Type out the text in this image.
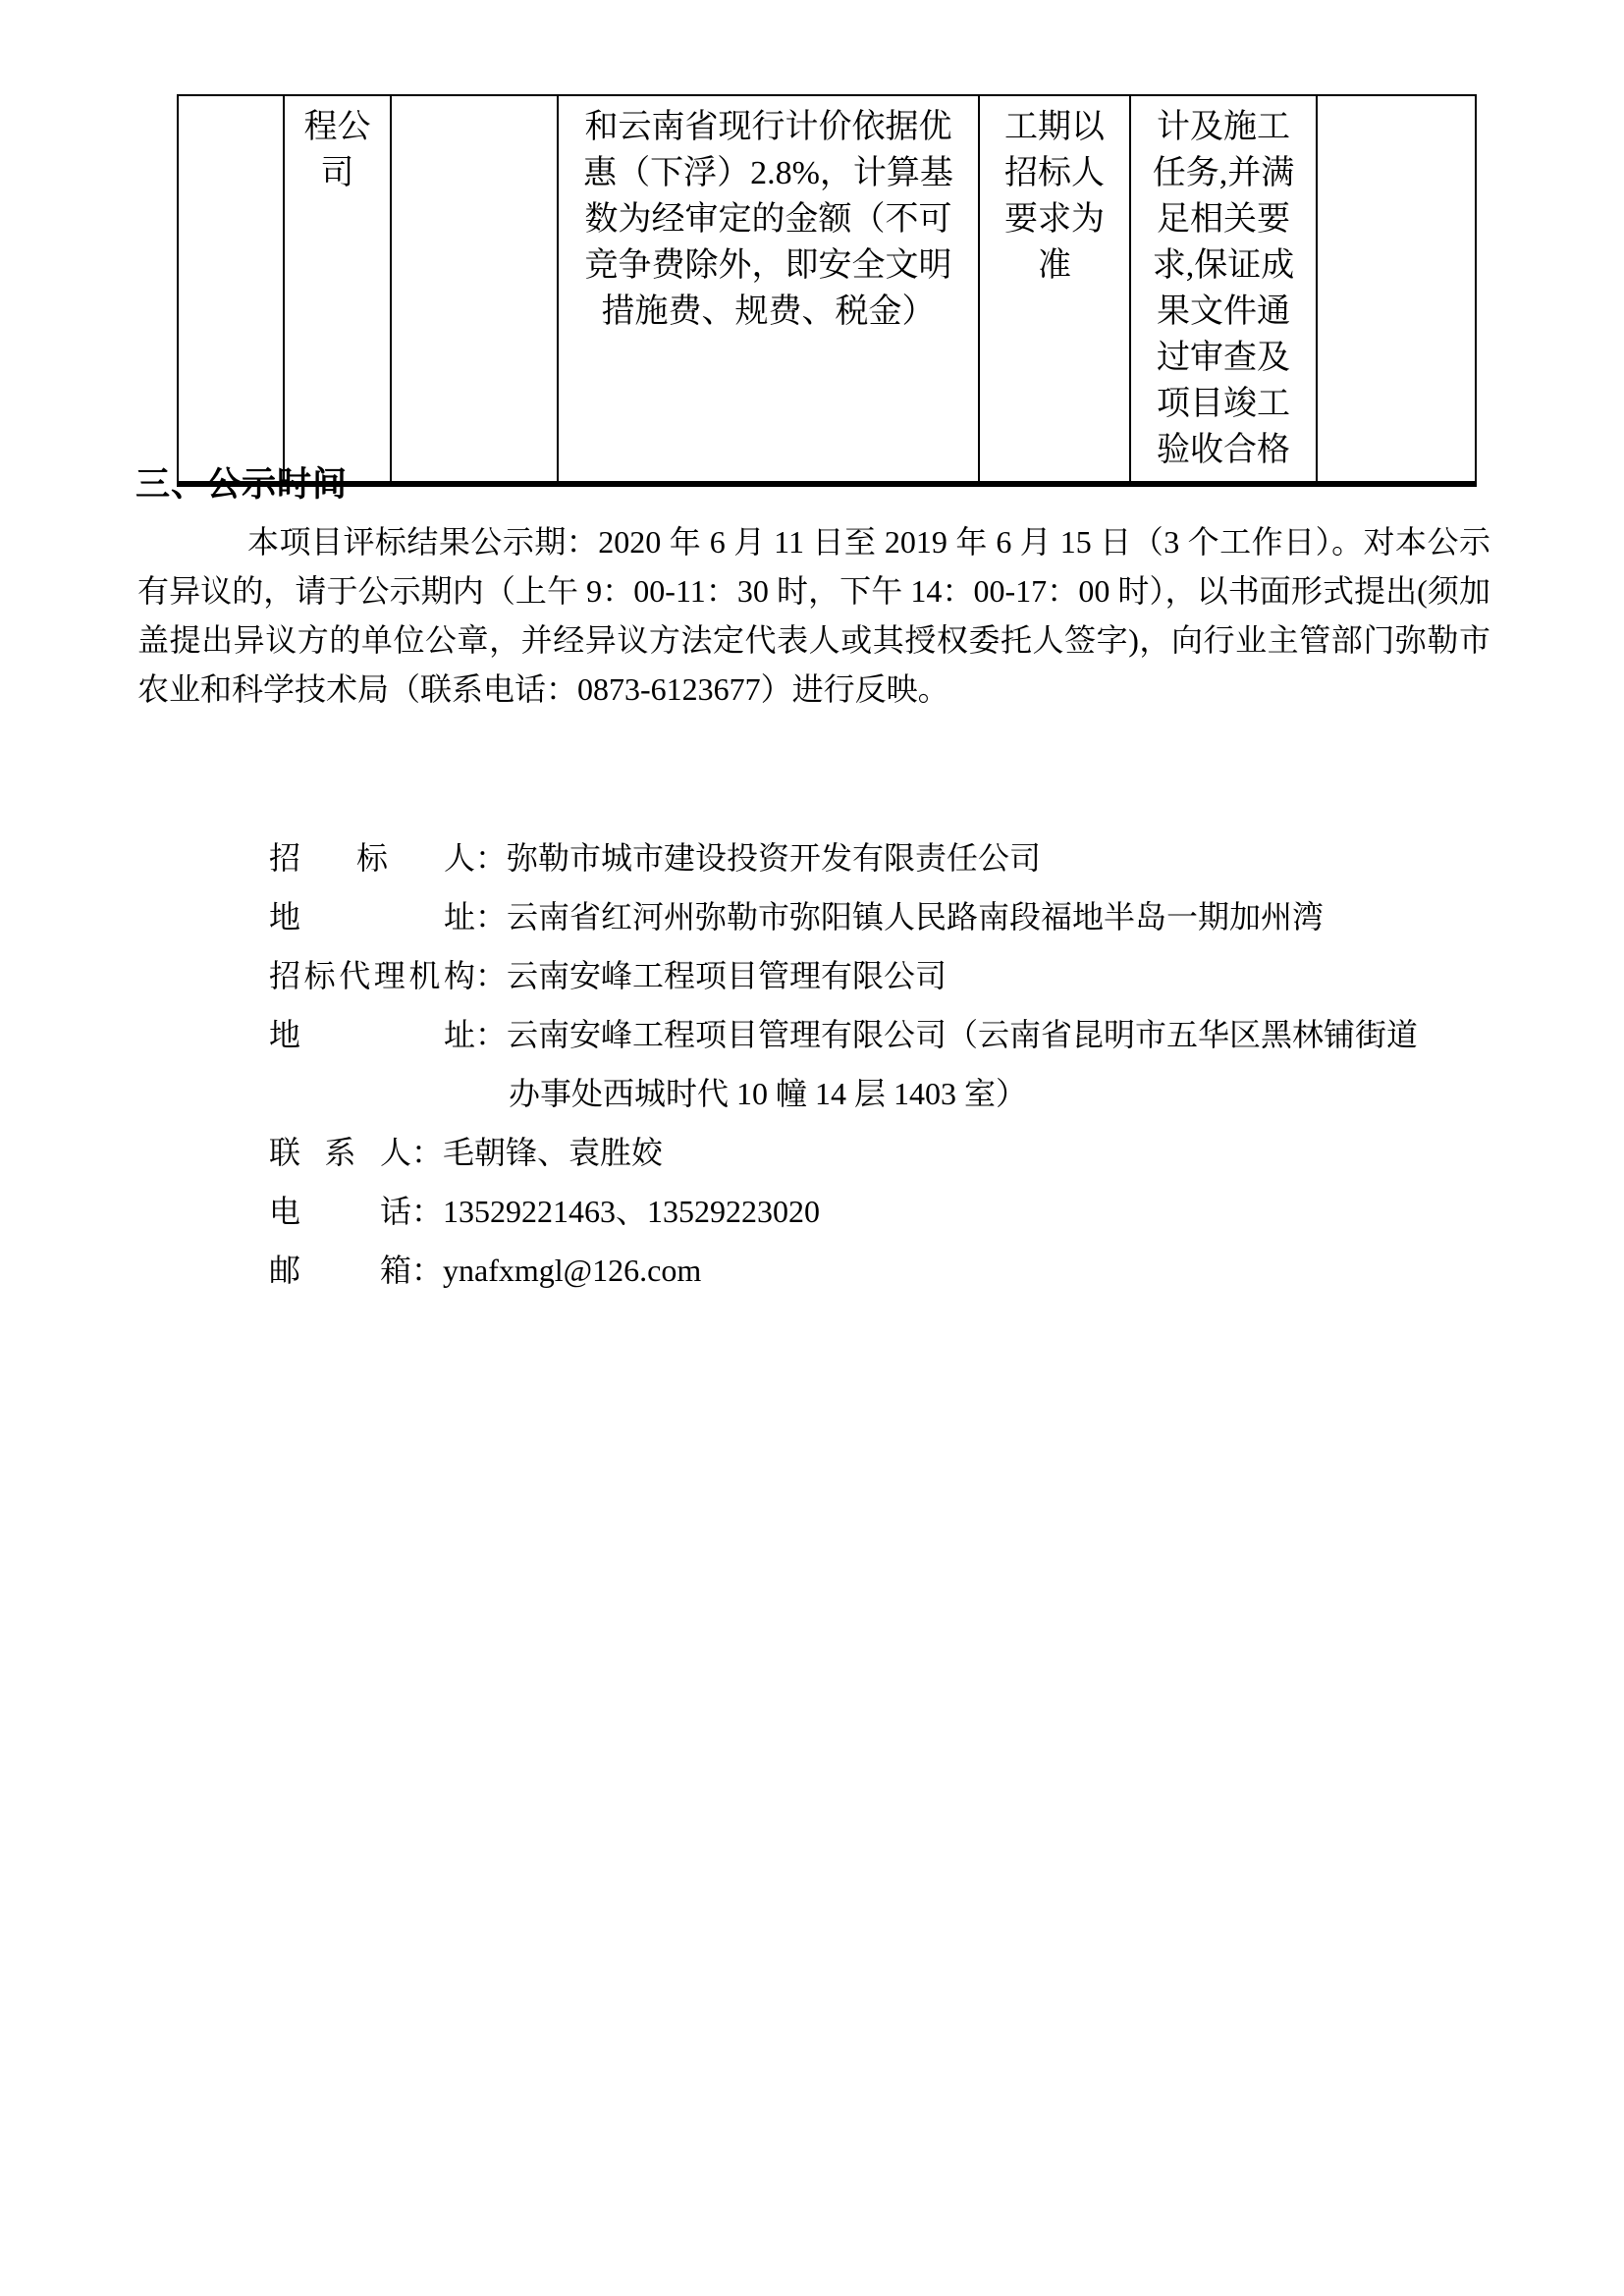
	程公司		和云南省现行计价依据优惠（下浮）2.8%，计算基数为经审定的金额（不可竞争费除外，即安全文明措施费、规费、税金）	工期以招标人要求为准	计及施工任务,并满足相关要求,保证成果文件通过审查及项目竣工验收合格	
三、公示时间
本项目评标结果公示期：2020 年 6 月 11 日至 2019 年 6 月 15 日（3 个工作日）。对本公示有异议的，请于公示期内（上午 9：00-11：30 时，下午 14：00-17：00 时），以书面形式提出(须加盖提出异议方的单位公章，并经异议方法定代表人或其授权委托人签字)，向行业主管部门弥勒市农业和科学技术局（联系电话：0873-6123677）进行反映。
招标人：弥勒市城市建设投资开发有限责任公司
地址：云南省红河州弥勒市弥阳镇人民路南段福地半岛一期加州湾
招标代理机构：云南安峰工程项目管理有限公司
地址：云南安峰工程项目管理有限公司（云南省昆明市五华区黑林铺街道
办事处西城时代 10 幢 14 层 1403 室）
联系人：毛朝锋、袁胜姣
电话：13529221463、13529223020
邮箱：ynafxmgl@126.com
